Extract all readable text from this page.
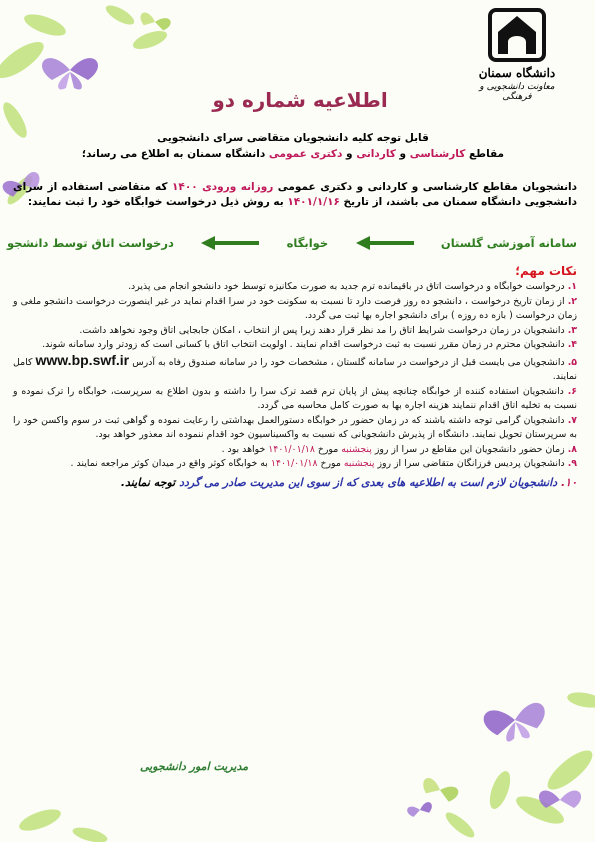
دانشگاه سمنان
معاونت دانشجویی و فرهنگی
اطلاعیه شماره دو
قابل توجه کلیه دانشجویان متقاضی سرای دانشجویی
مقاطع کارشناسی و کاردانی و دکتری عمومی دانشگاه سمنان به اطلاع می رساند؛
دانشجویان مقاطع کارشناسی و کاردانی و دکتری عمومی روزانه ورودی ۱۴۰۰ که متقاضی استفاده از سرای دانشجویی دانشگاه سمنان می باشند، از تاریخ ۱۴۰۱/۱/۱۶ به روش ذیل درخواست خوابگاه خود را ثبت نمایند:
سامانه آموزشی گلستان
خوابگاه
درخواست اتاق توسط دانشجو
نکات مهم؛
۱. درخواست خوابگاه و درخواست اتاق در باقیمانده ترم جدید به صورت مکانیزه توسط خود دانشجو انجام می پذیرد.
۲. از زمان تاریخ درخواست ، دانشجو ده روز فرصت دارد تا نسبت به سکونت خود در سرا اقدام نماید در غیر اینصورت درخواست دانشجو ملغی و زمان درخواست ( بازه ده روزه ) برای دانشجو اجاره بها ثبت می گردد.
۳. دانشجویان در زمان درخواست شرایط اتاق را مد نظر قرار دهند زیرا پس از انتخاب ، امکان جابجایی اتاق وجود نخواهد داشت.
۴. دانشجویان محترم در زمان مقرر نسبت به ثبت درخواست اقدام نمایند . اولویت انتخاب اتاق با کسانی است که زودتر وارد سامانه شوند.
۵. دانشجویان می بایست قبل از درخواست در سامانه گلستان ، مشخصات خود را در سامانه صندوق رفاه به آدرس www.bp.swf.ir کامل نمایند.
۶. دانشجویان استفاده کننده از خوابگاه چنانچه پیش از پایان ترم قصد ترک سرا را داشته و بدون اطلاع به سرپرست، خوابگاه را ترک نموده و نسبت به تخلیه اتاق اقدام ننمایند هزینه اجاره بها به صورت کامل محاسبه می گردد.
۷. دانشجویان گرامی توجه داشته باشند که در زمان حضور در خوابگاه دستورالعمل بهداشتی را رعایت نموده و گواهی ثبت در سوم واکسن خود را به سرپرستان تحویل نمایند. دانشگاه از پذیرش دانشجویانی که نسبت به واکسیناسیون خود اقدام ننموده اند معذور خواهد بود.
۸. زمان حضور دانشجویان این مقاطع در سرا از روز پنجشنبه مورخ ۱۴۰۱/۰۱/۱۸ خواهد بود .
۹. دانشجویان پردیس فرزانگان متقاضی سرا از روز پنجشنبه مورخ ۱۴۰۱/۰۱/۱۸ به خوابگاه کوثر واقع در میدان کوثر مراجعه نمایند .
۱۰. دانشجویان لازم است به اطلاعیه های بعدی که از سوی این مدیریت صادر می گردد توجه نمایند.
مدیریت امور دانشجویی
